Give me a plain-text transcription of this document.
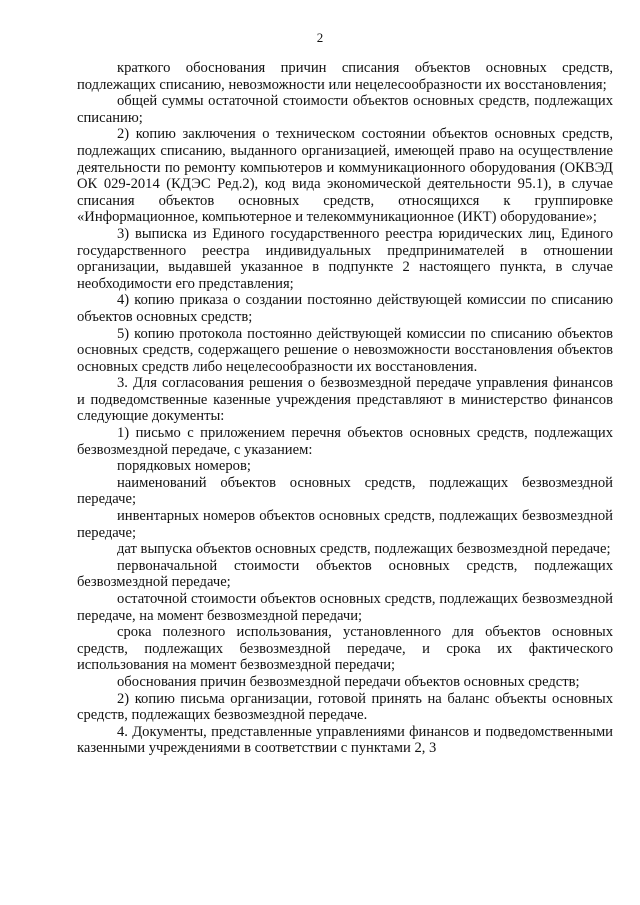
2

краткого обоснования причин списания объектов основных средств, подлежащих списанию, невозможности или нецелесообразности их восстановления;

общей суммы остаточной стоимости объектов основных средств, подлежащих списанию;

2) копию заключения о техническом состоянии объектов основных средств, подлежащих списанию, выданного организацией, имеющей право на осуществление деятельности по ремонту компьютеров и коммуникационного оборудования (ОКВЭД ОК 029-2014 (КДЭС Ред.2), код вида экономической деятельности 95.1), в случае списания объектов основных средств, относящихся к группировке «Информационное, компьютерное и телекоммуникационное (ИКТ) оборудование»;

3) выписка из Единого государственного реестра юридических лиц, Единого государственного реестра индивидуальных предпринимателей в отношении организации, выдавшей указанное в подпункте 2 настоящего пункта, в случае необходимости его представления;

4) копию приказа о создании постоянно действующей комиссии по списанию объектов основных средств;

5) копию протокола постоянно действующей комиссии по списанию объектов основных средств, содержащего решение о невозможности восстановления объектов основных средств либо нецелесообразности их восстановления.

3. Для согласования решения о безвозмездной передаче управления финансов и подведомственные казенные учреждения представляют в министерство финансов следующие документы:

1) письмо с приложением перечня объектов основных средств, подлежащих безвозмездной передаче, с указанием:

порядковых номеров;

наименований объектов основных средств, подлежащих безвозмездной передаче;

инвентарных номеров объектов основных средств, подлежащих безвозмездной передаче;

дат выпуска объектов основных средств, подлежащих безвозмездной передаче;

первоначальной стоимости объектов основных средств, подлежащих безвозмездной передаче;

остаточной стоимости объектов основных средств, подлежащих безвозмездной передаче, на момент безвозмездной передачи;

срока полезного использования, установленного для объектов основных средств, подлежащих безвозмездной передаче, и срока их фактического использования на момент безвозмездной передачи;

обоснования причин безвозмездной передачи объектов основных средств;

2) копию письма организации, готовой принять на баланс объекты основных средств, подлежащих безвозмездной передаче.

4. Документы, представленные управлениями финансов и подведомственными казенными учреждениями в соответствии с пунктами 2, 3
